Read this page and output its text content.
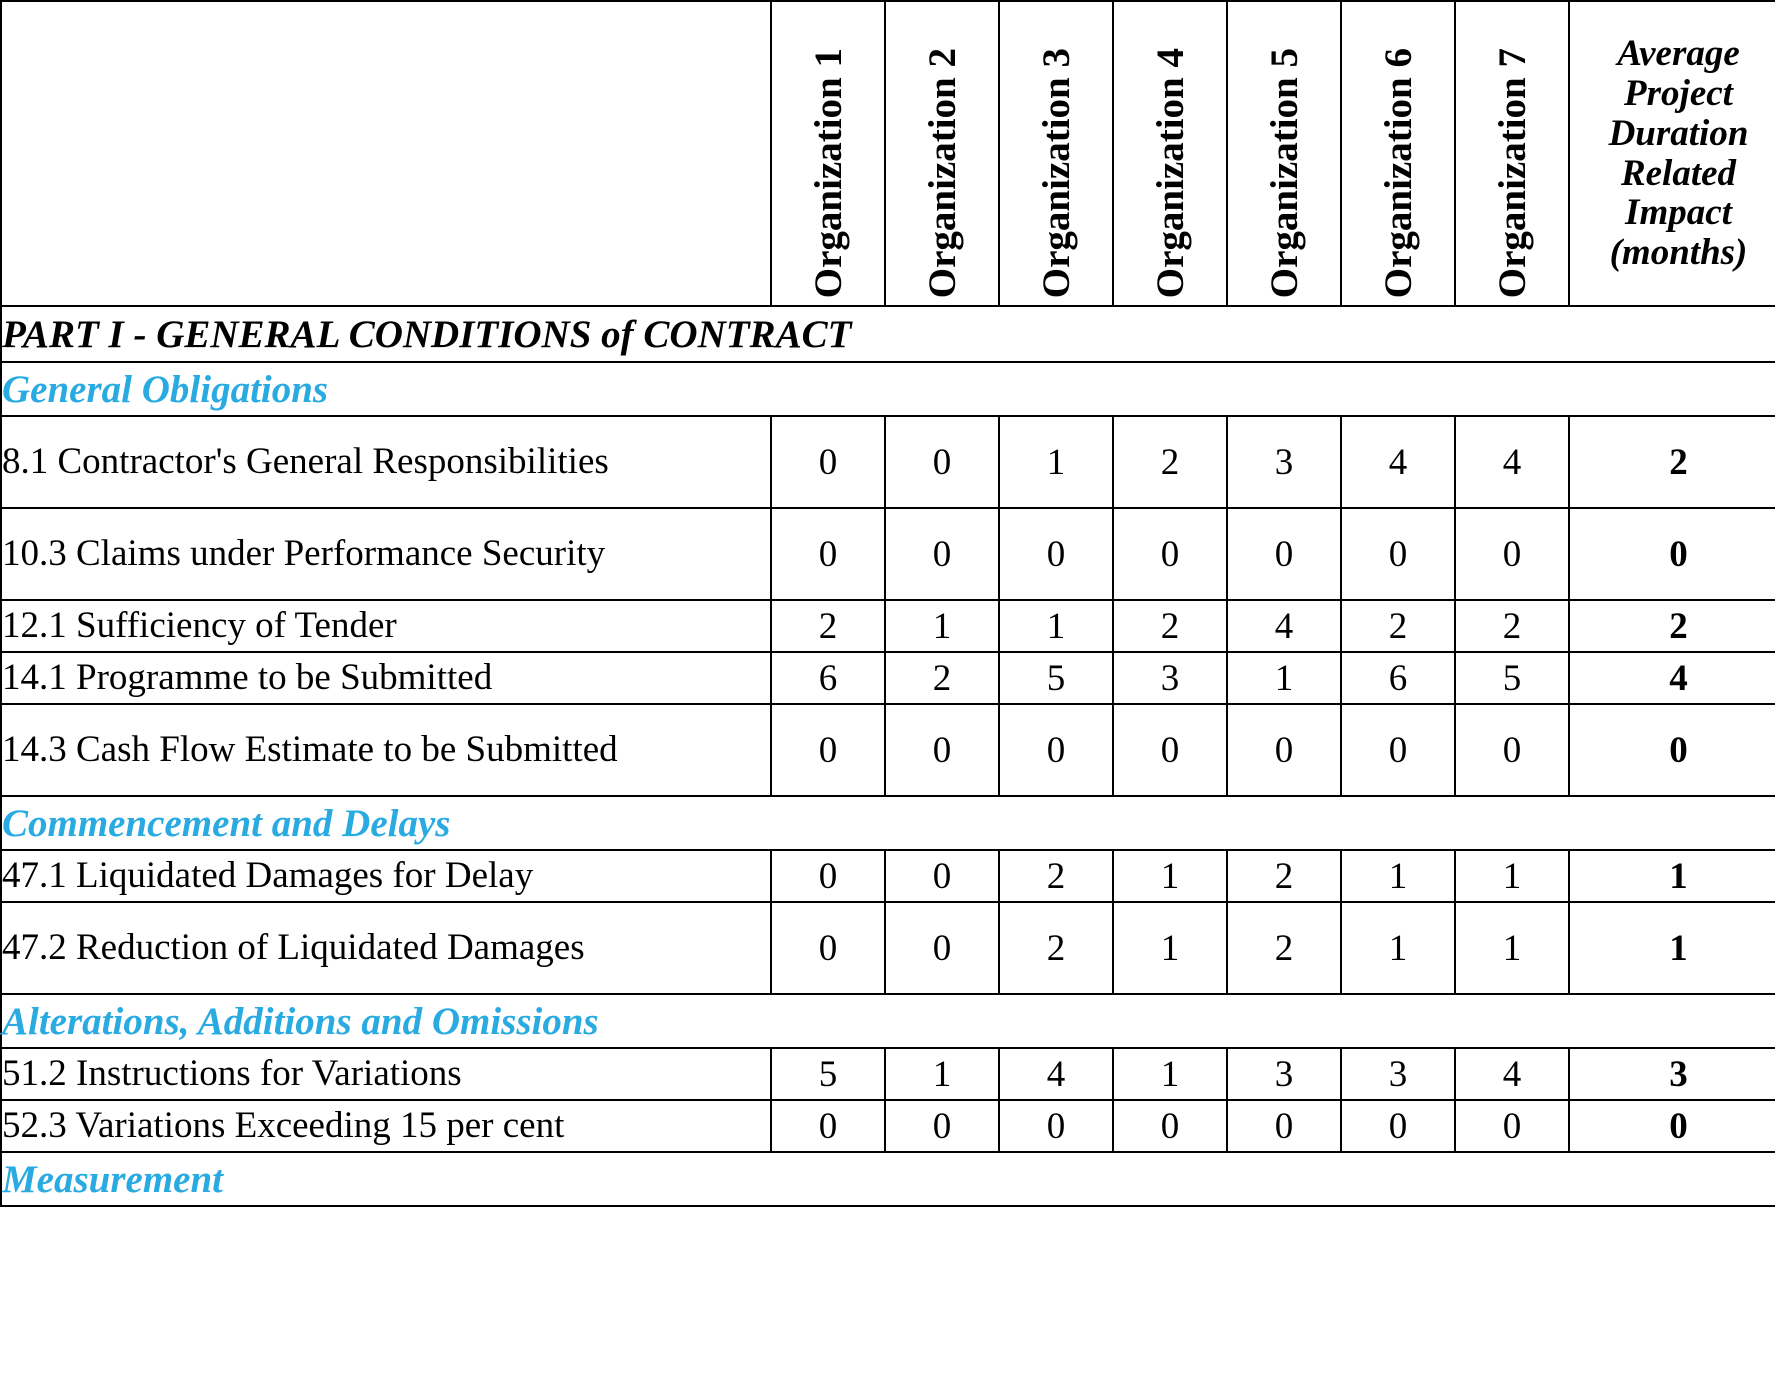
	Organization 1	Organization 2	Organization 3	Organization 4	Organization 5	Organization 6	Organization 7	Average Project Duration Related Impact (months)
PART I - GENERAL CONDITIONS of CONTRACT								
General Obligations								
8.1 Contractor's General Responsibilities	0	0	1	2	3	4	4	2
10.3 Claims under Performance Security	0	0	0	0	0	0	0	0
12.1 Sufficiency of Tender	2	1	1	2	4	2	2	2
14.1 Programme to be Submitted	6	2	5	3	1	6	5	4
14.3 Cash Flow Estimate to be Submitted	0	0	0	0	0	0	0	0
Commencement and Delays								
47.1 Liquidated Damages for Delay	0	0	2	1	2	1	1	1
47.2 Reduction of Liquidated Damages	0	0	2	1	2	1	1	1
Alterations, Additions and Omissions								
51.2 Instructions for Variations	5	1	4	1	3	3	4	3
52.3 Variations Exceeding 15 per cent	0	0	0	0	0	0	0	0
Measurement								
